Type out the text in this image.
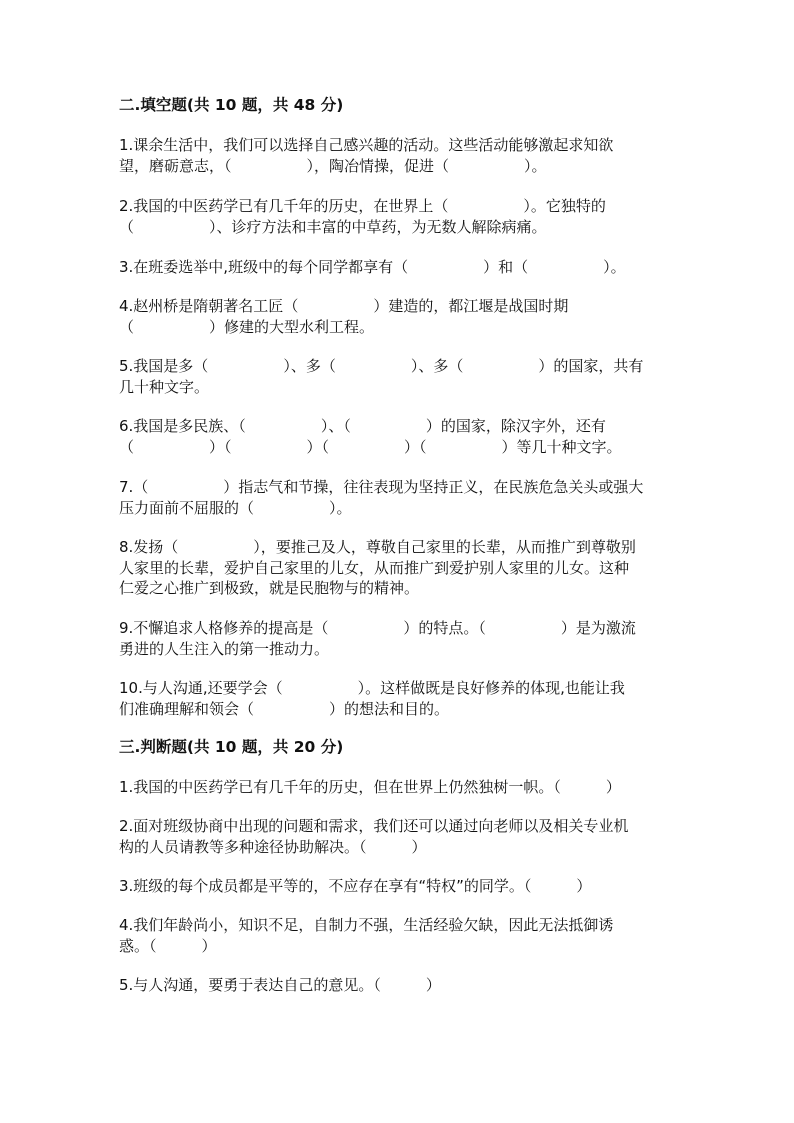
二.填空题(共 10 题，共 48 分)

1.课余生活中，我们可以选择自己感兴趣的活动。这些活动能够激起求知欲

望，磨砺意志，（　　　　　），陶冶情操，促进（　　　　　）。

2.我国的中医药学已有几千年的历史，在世界上（　　　　　）。它独特的

（　　　　　）、诊疗方法和丰富的中草药，为无数人解除病痛。

3.在班委选举中,班级中的每个同学都享有（　　　　　）和（　　　　　）。

4.赵州桥是隋朝著名工匠（　　　　　）建造的，都江堰是战国时期

（　　　　　）修建的大型水利工程。

5.我国是多（　　　　　）、多（　　　　　）、多（　　　　　）的国家，共有

几十种文字。

6.我国是多民族、（　　　　　）、（　　　　　）的国家，除汉字外，还有

（　　　　　）（　　　　　）（　　　　　）（　　　　　）等几十种文字。

7.（　　　　　）指志气和节操，往往表现为坚持正义，在民族危急关头或强大

压力面前不屈服的（　　　　　）。

8.发扬（　　　　　），要推己及人，尊敬自己家里的长辈，从而推广到尊敬别

人家里的长辈，爱护自己家里的儿女，从而推广到爱护别人家里的儿女。这种

仁爱之心推广到极致，就是民胞物与的精神。

9.不懈追求人格修养的提高是（　　　　　）的特点。（　　　　　）是为激流

勇进的人生注入的第一推动力。

10.与人沟通,还要学会（　　　　　）。这样做既是良好修养的体现,也能让我

们准确理解和领会（　　　　　）的想法和目的。

三.判断题(共 10 题，共 20 分)

1.我国的中医药学已有几千年的历史，但在世界上仍然独树一帜。（　　　）

2.面对班级协商中出现的问题和需求，我们还可以通过向老师以及相关专业机

构的人员请教等多种途径协助解决。（　　　）

3.班级的每个成员都是平等的，不应存在享有“特权”的同学。（　　　）

4.我们年龄尚小，知识不足，自制力不强，生活经验欠缺，因此无法抵御诱

惑。（　　　）

5.与人沟通，要勇于表达自己的意见。（　　　）
